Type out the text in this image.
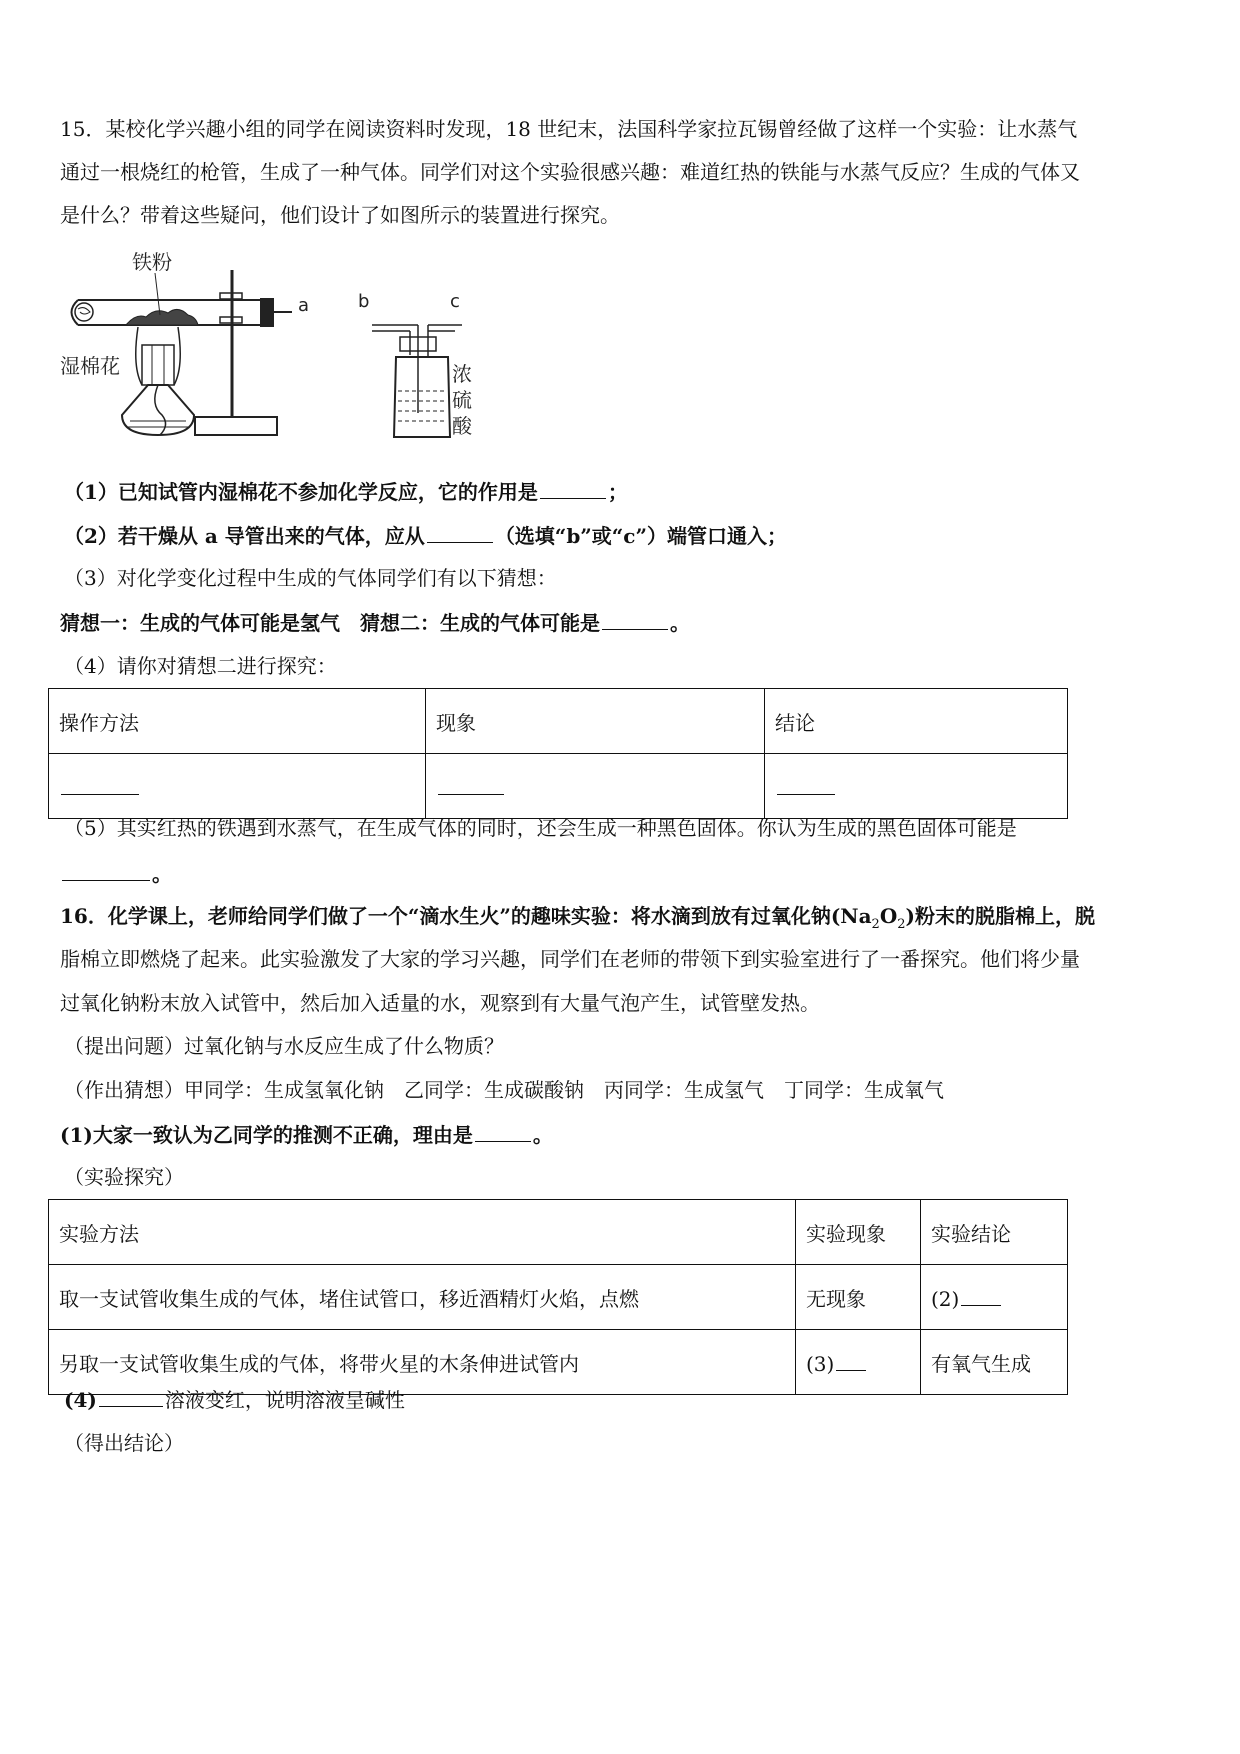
15．某校化学兴趣小组的同学在阅读资料时发现，18 世纪末，法国科学家拉瓦锡曾经做了这样一个实验：让水蒸气
通过一根烧红的枪管，生成了一种气体。同学们对这个实验很感兴趣：难道红热的铁能与水蒸气反应？生成的气体又
是什么？带着这些疑问，他们设计了如图所示的装置进行探究。
铁粉
湿棉花
a	b	c
浓
硫
酸
（1）已知试管内湿棉花不参加化学反应，它的作用是	；
（2）若干燥从 a 导管出来的气体，应从	（选填“b”或“c”）端管口通入；
（3）对化学变化过程中生成的气体同学们有以下猜想：
猜想一：生成的气体可能是氢气　猜想二：生成的气体可能是	。
（4）请你对猜想二进行探究：
操作方法	现象	结论

（5）其实红热的铁遇到水蒸气，在生成气体的同时，还会生成一种黑色固体。你认为生成的黑色固体可能是
。
16．化学课上，老师给同学们做了一个“滴水生火”的趣味实验：将水滴到放有过氧化钠$(Na_2O_2)$粉末的脱脂棉上，脱
脂棉立即燃烧了起来。此实验激发了大家的学习兴趣，同学们在老师的带领下到实验室进行了一番探究。他们将少量
过氧化钠粉末放入试管中，然后加入适量的水，观察到有大量气泡产生，试管壁发热。
（提出问题）过氧化钠与水反应生成了什么物质？
（作出猜想）甲同学：生成氢氧化钠　乙同学：生成碳酸钠　丙同学：生成氢气　丁同学：生成氧气
(1)大家一致认为乙同学的推测不正确，理由是	。
（实验探究）
实验方法	实验现象	实验结论
取一支试管收集生成的气体，堵住试管口，移近酒精灯火焰，点燃	无现象	(2)
另取一支试管收集生成的气体，将带火星的木条伸进试管内	(3)	有氧气生成
(4)	溶液变红，说明溶液呈碱性
（得出结论）
